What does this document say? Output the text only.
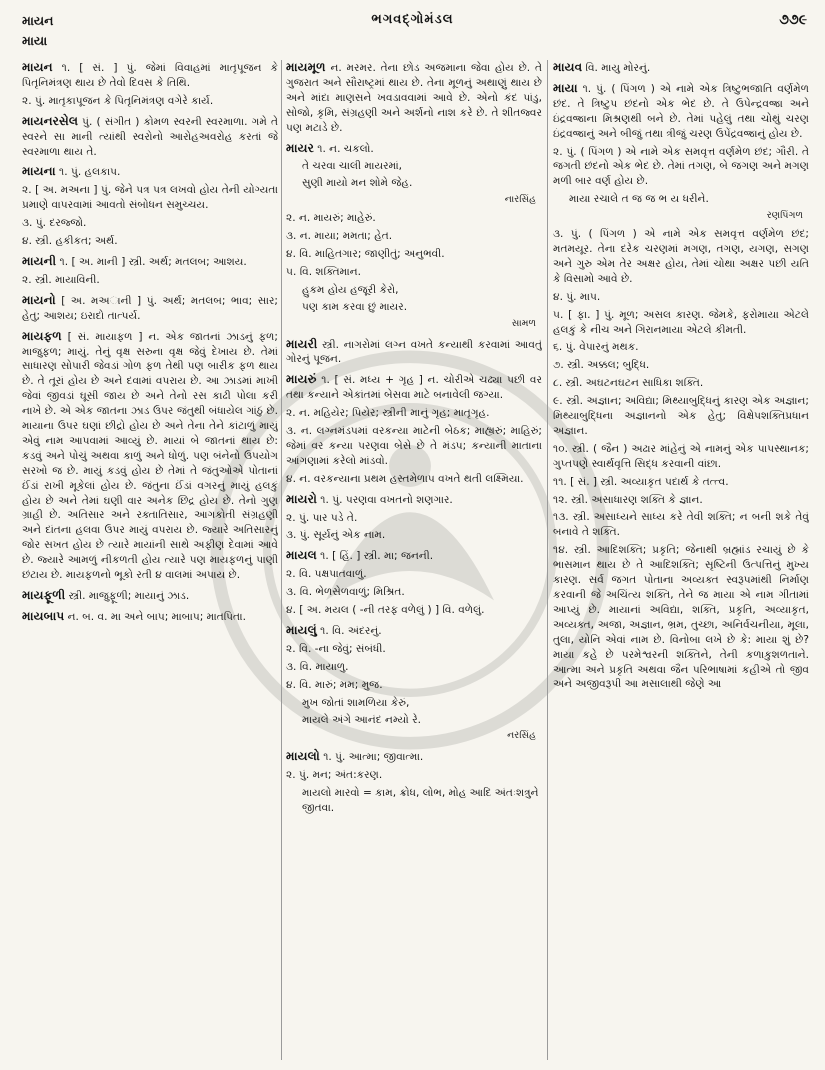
માયન
માયા
ભગવદ્ગોમંડલ	૭૭૯
માયન ૧. [ સં. ] પું. જેમાં વિવાહમાં માતૃપૂજન કે પિતૃનિમંત્રણ થાય છે તેવો દિવસ કે તિથિ.
૨. પું. માતૃકાપૂજન કે પિતૃનિમંત્રણ વગેરે કાર્ય.
માયનરસેલ પું. ( સંગીત ) કોમળ સ્વરની સ્વરમાળા. ગમે તે સ્વરને સા માની ત્યાંથી સ્વરોનો આરોહઅવરોહ કરતાં જે સ્વરમાળા થાય તે.
માયના ૧. પું. હલકાપ.
૨. [ અ. મઅના ] પું. જેને પત્ર પત્ર લખવો હોય તેની યોગ્યતા પ્રમાણે વાપરવામાં આવતો સંબોધન સમુચ્ચય.
૩. પું. દરજ્જો.
૪. સ્ત્રી. હકીકત; અર્થ.
માયની ૧. [ અ. માની ] સ્ત્રી. અર્થ; મતલબ; આશય.
૨. સ્ત્રી. માયાવિની.
માયનો [ અ. મઅાની ] પું. અર્થ; મતલબ; ભાવ; સાર; હેતુ; આશય; ઇરાદો તાત્પર્ય.
માયફળ [ સં. માયાફળ ] ન. એક જાતનાં ઝાડનું ફળ; માજુફળ; માયું. તેનું વૃક્ષ સરુના વૃક્ષ જેવું દેખાય છે. તેમાં સાધારણ સોપારી જેવડાં ગોળ ફળ તેથી પણ બારીક ફળ થાય છે. તે તૂરાં હોય છે અને દવામાં વપરાય છે. આ ઝાડમાં માખી જેવાં જીવડાં ઘૂસી જાય છે અને તેનો રસ કાઢી પોલા કરી નાખે છે. એ એક જાતના ઝાડ ઉપર જંતુથી બંધાયેલ ગાંઠું છે. માયાના ઉપર ઘણાં છીદ્રો હોય છે અને તેના તેને કાંટાળું માયું એવું નામ આપવામાં આવ્યું છે. માયાં બે જાતનાં થાય છે: કડવું અને પોચું અથવા કાળું અને ધોળું. પણ બંનેનો ઉપયોગ સરખો જ છે. માયું કડવું હોય છે તેમાં તે જંતુઓએ પોતાનાં ઈંડાં રાખી મૂકેલાં હોય છે. જંતુના ઈંડાં વગરનું માયું હલકું હોય છે અને તેમાં ઘણી વાર અનેક છિદ્ર હોય છે. તેનો ગુણ ગ્રાહી છે. અતિસાર અને રક્તાતિસાર, આગકોતી સંગ્રહણી અને દાંતના હલવા ઉપર માયું વપરાય છે. જ્યારે અતિસારનું જોર સખત હોય છે ત્યારે માયાંની સાથે અફીણ દેવામાં આવે છે. જ્યારે આમળું નીકળતી હોય ત્યારે પણ માયફળનું પાણી છંટાય છે. માયફળનો ભૂકો રતી ૪ વાલમાં અપાય છે.
માયફૂળી સ્ત્રી. માજુફૂળી; માયાનું ઝાડ.
માયબાપ ન. બ. વ. મા અને બાપ; માબાપ; માતપિતા.
માયમૂળ ન. મરમર. તેના છોડ અજમાના જેવા હોય છે. તે ગુજરાત અને સૌરાષ્ટ્રમાં થાય છે. તેના મૂળનું અથાણું થાય છે અને માંદા માણસને ખવડાવવામાં આવે છે. એનો કંદ પાંડુ, સોજો, કૃમિ, સંગ્રહણી અને અર્શનો નાશ કરે છે. તે શીતજ્વર પણ મટાડે છે.
માયર ૧. ન. ચકલો.
તે ચરવા ચાલી માયરમાં,
સુણી માયો મન શોમે જેહ.
નારસિંહ
૨. ન. માયરું; માહેરું.
૩. ન. માયા; મમતા; હેત.
૪. વિ. માહિતગાર; જાણીતું; અનુભવી.
૫. વિ. શક્તિમાન.
હુકમ હોય હજૂરી કેરો,
પણ કામ કરવા છું માયર.
સામળ
માયરી સ્ત્રી. નાગરોમાં લગ્ન વખતે કન્યાથી કરવામાં આવતું ગોરનું પૂજન.
માયરું ૧. [ સં. મધ્ય + ગૃહ ] ન. ચોરીએ ચઢ્યા પછી વર તથા કન્યાને એકાંતમાં બેસવા માટે બનાવેલી જગ્યા.
૨. ન. મહિયેર; પિયેર; સ્ત્રીની માનું ગૃહ; માતૃગૃહ.
૩. ન. લગ્નમંડપમાં વરકન્યા માટેની બેઠક; માહ્યરું; માહિરું; જેમાં વર કન્યા પરણવા બેસે છે તે મંડપ; કન્યાની માતાના આંગણામાં કરેલો માંડવો.
૪. ન. વરકન્યાના પ્રથમ હસ્તમેળાપ વખતે થતી લક્ષ્મિયા.
માયરો ૧. પું. પરણવા વખતનો શણગાર.
૨. પું. પાર પડે તે.
૩. પું. સૂર્યનું એક નામ.
માયલ ૧. [ હિં. ] સ્ત્રી. મા; જનની.
૨. વિ. પક્ષપાતવાળું.
૩. વિ. ભેળસેળવાળું; મિશ્રિત.
૪. [ અ. મયલ ( -ની તરફ વળેલું ) ] વિ. વળેલું.
માયલું ૧. વિ. અંદરનું.
૨. વિ. -ના જેવું; સંબંધી.
૩. વિ. માયાળુ.
૪. વિ. મારું; મમ; મુજ.
મુખ જોતાં શામળિયા કેરું,
માયલે અંગે આનંદ નમ્યો રે.
નરસિંહ
માયલો ૧. પું. આત્મા; જીવાત્મા.
૨. પું. મન; અંત:કરણ.
માયલો મારવો = કામ, ક્રોધ, લોભ, મોહ આદિ અંતઃશત્રુને જીતવા.
માયવ વિ. માયુ મોરનું.
માયા ૧. પું. ( પિંગળ ) એ નામે એક ત્રિષ્ટુભજાતિ વર્ણમેળ છંદ. તે ત્રિષ્ટુપ છંદનો એક ભેદ છે. તે ઉપેન્દ્રવજ્રા અને ઇંદ્રવજ્રાના મિશ્રણથી બને છે. તેમાં પહેલું તથા ચોથું ચરણ ઇંદ્રવજ્રાનું અને બીજું તથા ત્રીજું ચરણ ઉપેંદ્રવજ્રાનું હોય છે.
૨. પું. ( પિંગળ ) એ નામે એક સમવૃત્ત વર્ણમેળ છંદ; ગૌરી. તે જગતી છંદનો એક ભેદ છે. તેમાં તગણ, બે જગણ અને મગણ મળી બાર વર્ણ હોય છે.
માયા રચાલે ત જ જ ભ ય ધરીને.
રણપિંગળ
૩. પું. ( પિંગળ ) એ નામે એક સમવૃત્ત વર્ણમેળ છંદ; મતમયૂર. તેના દરેક ચરણમાં મગણ, તગણ, યગણ, સગણ અને ગુરુ એમ તેર અક્ષર હોય, તેમાં ચોથા અક્ષર પછી યતિ કે વિસામો આવે છે.
૪. પું. માપ.
૫. [ ફા. ] પું. મૂળ; અસલ કારણ. જેમકે, ફરોમાયા એટલે હલકું કે નીચ અને ગિરાનમાયા એટલે કીમતી.
૬. પું. વેપારનું મથક.
૭. સ્ત્રી. અક્કલ; બુદ્ધિ.
૮. સ્ત્રી. અઘટનઘટન સાધિકા શક્તિ.
૯. સ્ત્રી. અજ્ઞાન; અવિદ્યા; મિથ્યાબુદ્ધિનું કારણ એક અજ્ઞાન; મિથ્યાબુદ્ધિના અજ્ઞાનનો એક હેતુ; વિક્ષેપશક્તિપ્રધાન અજ્ઞાન.
૧૦. સ્ત્રી. ( જૈન ) અઢાર માંહેનું એ નામનું એક પાપસ્થાનક; ગુપ્તપણે સ્વાર્થવૃત્તિ સિદ્ધ કરવાની વાંછા.
૧૧. [ સં. ] સ્ત્રી. અવ્યાકૃત પદાર્થ કે તત્ત્વ.
૧૨. સ્ત્રી. અસાધારણ શક્તિ કે જ્ઞાન.
૧૩. સ્ત્રી. અસાધ્યને સાધ્ય કરે તેવી શક્તિ; ન બની શકે તેવું બનાવે તે શક્તિ.
૧૪. સ્ત્રી. આદિશક્તિ; પ્રકૃતિ; જેનાથી બ્રહ્માંડ રચાયું છે કે ભાસમાન થાય છે તે આદિશક્તિ; સૃષ્ટિની ઉત્પત્તિનું મુખ્ય કારણ. સર્વ જગત પોતાના અવ્યક્ત સ્વરૂપમાંથી નિર્માણ કરવાની જે અચિંત્ય શક્તિ, તેને જ માયા એ નામ ગીતામાં આપ્યું છે. માયાનાં અવિદ્યા, શક્તિ, પ્રકૃતિ, અવ્યાકૃત, અવ્યક્ત, અજા, અજ્ઞાન, ભ્રમ, તુચ્છા, અનિર્વચનીયા, મૂલા, તુલા, યોનિ એવાં નામ છે. વિનોબા લખે છે કે: માયા શું છે? માયા કહે છે પરમેશ્વરની શક્તિને, તેની કળાકુશળતાને. આત્મા અને પ્રકૃતિ અથવા જૈન પરિભાષામાં કહીએ તો જીવ અને અજીવરૂપી આ મસાલાથી જેણે આ
